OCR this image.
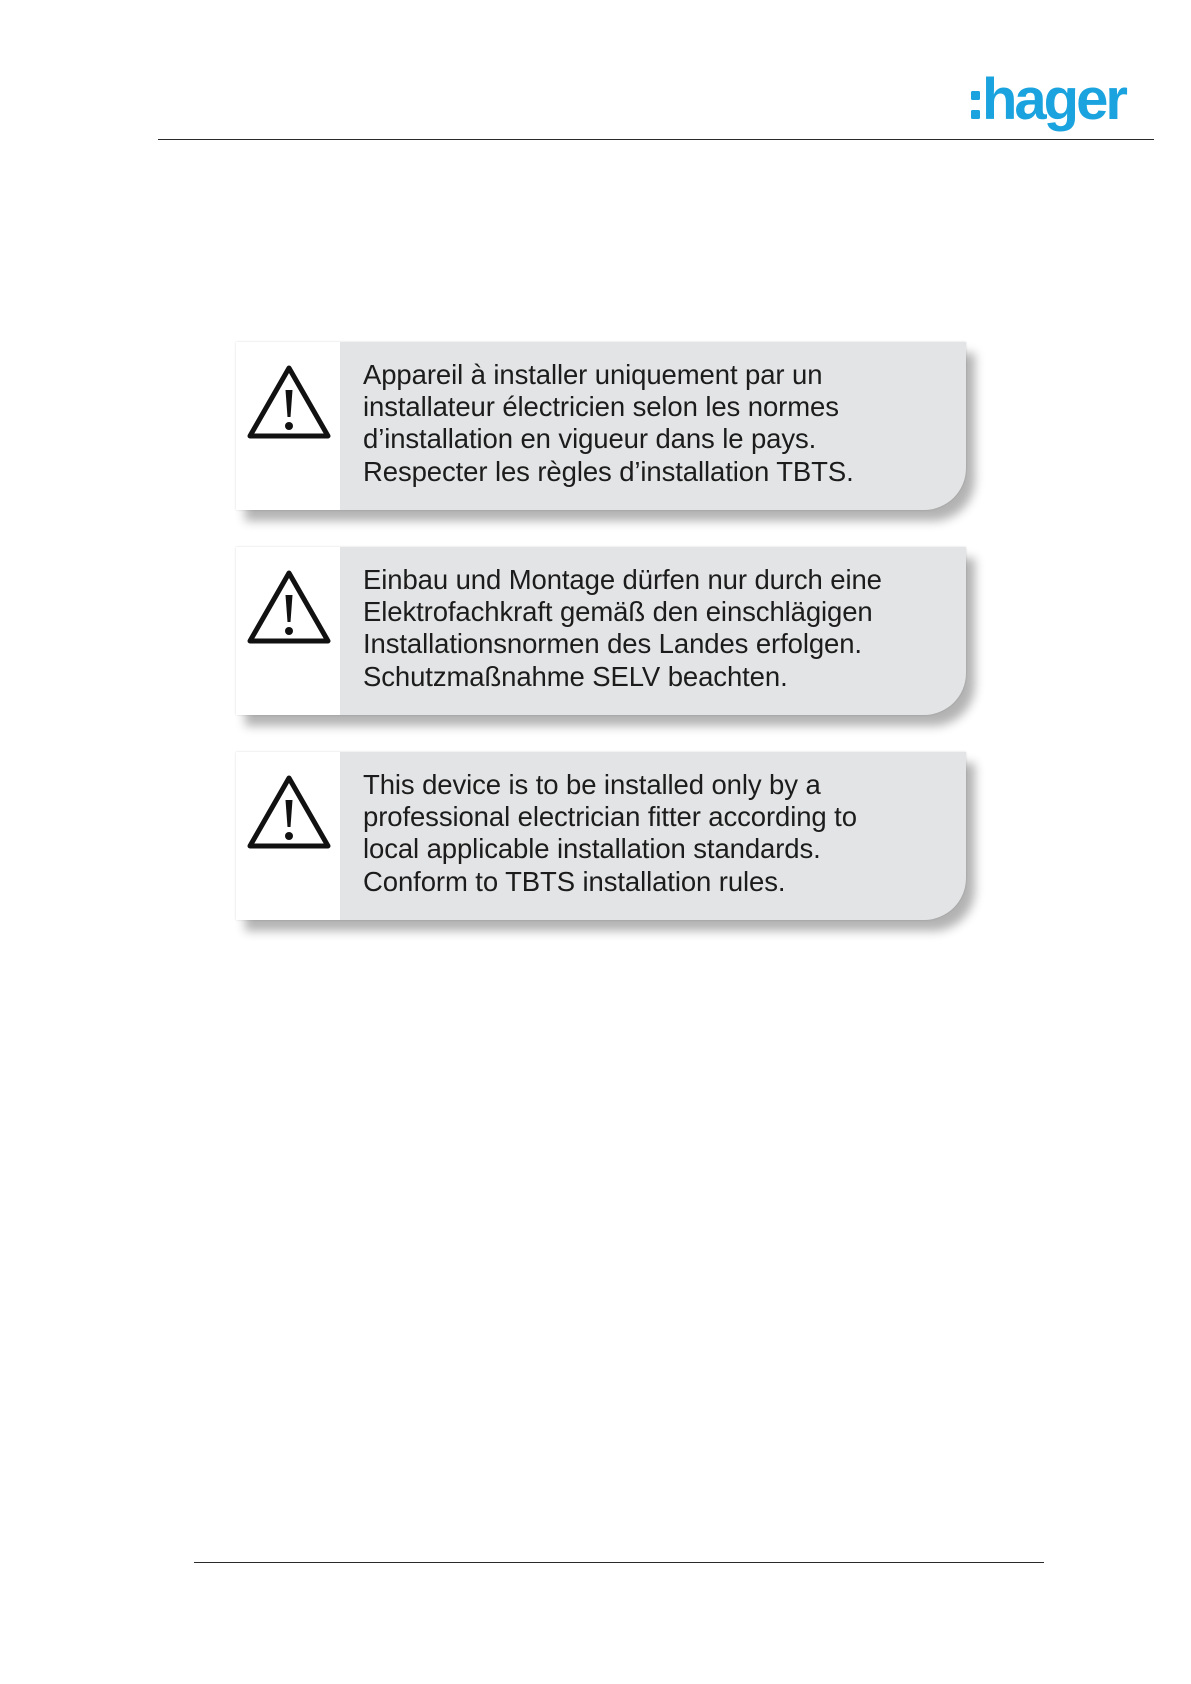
hager

Appareil à installer uniquement par un
installateur électricien selon les normes
d’installation en vigueur dans le pays.
Respecter les règles d’installation TBTS.

Einbau und Montage dürfen nur durch eine
Elektrofachkraft gemäß den einschlägigen
Installationsnormen des Landes erfolgen.
Schutzmaßnahme SELV beachten.

This device is to be installed only by a
professional electrician fitter according to
local applicable installation standards.
Conform to TBTS installation rules.
